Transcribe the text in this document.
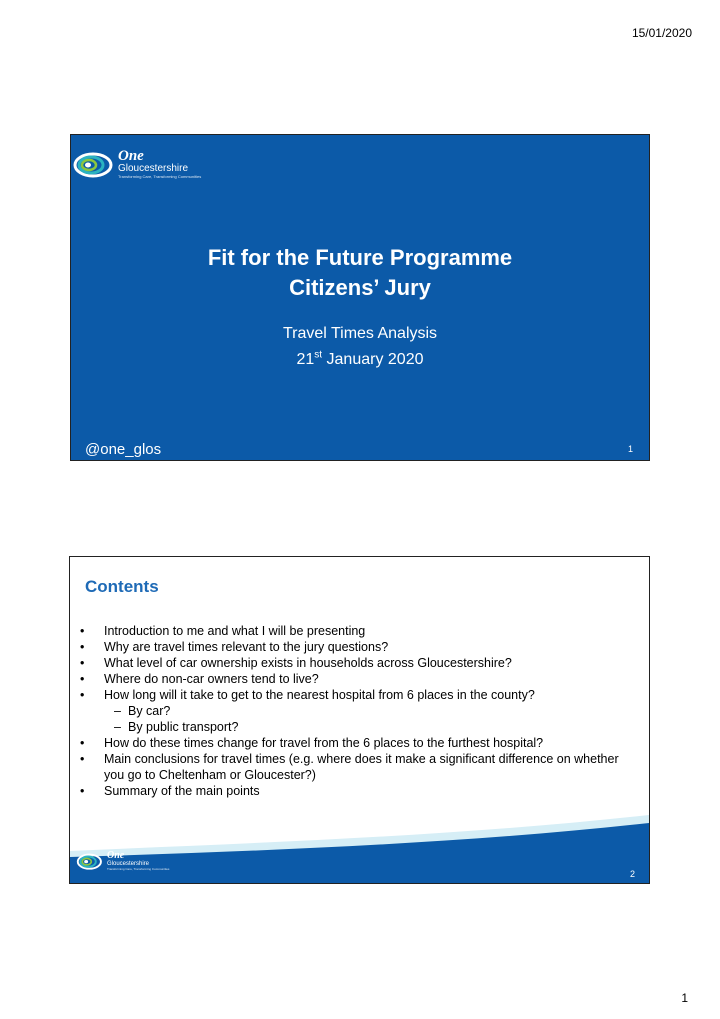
15/01/2020
One
Gloucestershire
Transforming Care, Transforming Communities
Fit for the Future Programme
Citizens’ Jury
Travel Times Analysis
21st January 2020
@one_glos	1
Contents
• Introduction to me and what I will be presenting
• Why are travel times relevant to the jury questions?
• What level of car ownership exists in households across Gloucestershire?
• Where do non-car owners tend to live?
• How long will it take to get to the nearest hospital from 6 places in the county?
– By car?
– By public transport?
• How do these times change for travel from the 6 places to the furthest hospital?
• Main conclusions for travel times (e.g. where does it make a significant difference on whether you go to Cheltenham or Gloucester?)
• Summary of the main points
One
Gloucestershire
Transforming Care, Transforming Communities	2
1
